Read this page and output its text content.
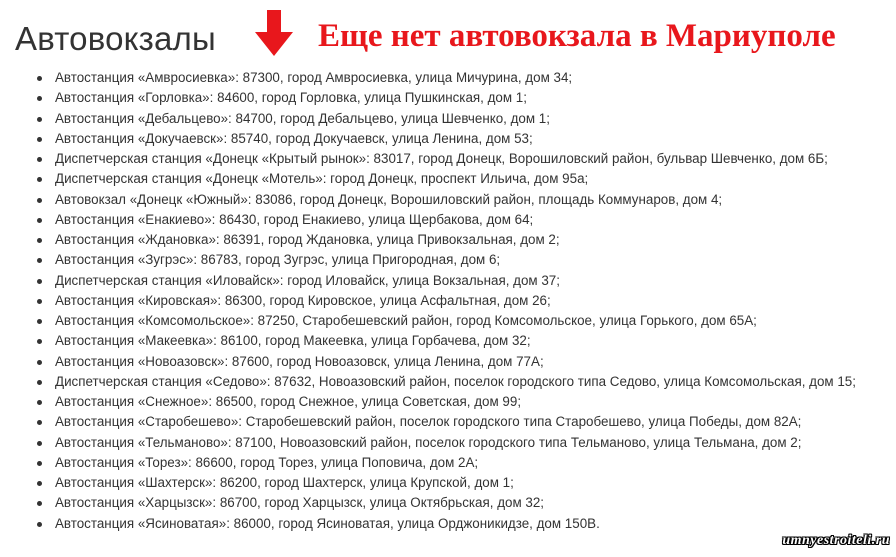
Автовокзалы	Еще нет автовокзала в Мариуполе
Автостанция «Амвросиевка»: 87300, город Амвросиевка, улица Мичурина, дом 34;
Автостанция «Горловка»: 84600, город Горловка, улица Пушкинская, дом 1;
Автостанция «Дебальцево»: 84700, город Дебальцево, улица Шевченко, дом 1;
Автостанция «Докучаевск»: 85740, город Докучаевск, улица Ленина, дом 53;
Диспетчерская станция «Донецк «Крытый рынок»: 83017, город Донецк, Ворошиловский район, бульвар Шевченко, дом 6Б;
Диспетчерская станция «Донецк «Мотель»: город Донецк, проспект Ильича, дом 95а;
Автовокзал «Донецк «Южный»: 83086, город Донецк, Ворошиловский район, площадь Коммунаров, дом 4;
Автостанция «Енакиево»: 86430, город Енакиево, улица Щербакова, дом 64;
Автостанция «Ждановка»: 86391, город Ждановка, улица Привокзальная, дом 2;
Автостанция «Зугрэс»: 86783, город Зугрэс, улица Пригородная, дом 6;
Диспетчерская станция «Иловайск»: город Иловайск, улица Вокзальная, дом 37;
Автостанция «Кировская»: 86300, город Кировское, улица Асфальтная, дом 26;
Автостанция «Комсомольское»: 87250, Старобешевский район, город Комсомольское, улица Горького, дом 65А;
Автостанция «Макеевка»: 86100, город Макеевка, улица Горбачева, дом 32;
Автостанция «Новоазовск»: 87600, город Новоазовск, улица Ленина, дом 77А;
Диспетчерская станция «Седово»: 87632, Новоазовский район, поселок городского типа Седово, улица Комсомольская, дом 15;
Автостанция «Снежное»: 86500, город Снежное, улица Советская, дом 99;
Автостанция «Старобешево»: Старобешевский район, поселок городского типа Старобешево, улица Победы, дом 82А;
Автостанция «Тельманово»: 87100, Новоазовский район, поселок городского типа Тельманово, улица Тельмана, дом 2;
Автостанция «Торез»: 86600, город Торез, улица Поповича, дом 2А;
Автостанция «Шахтерск»: 86200, город Шахтерск, улица Крупской, дом 1;
Автостанция «Харцызск»: 86700, город Харцызск, улица Октябрьская, дом 32;
Автостанция «Ясиноватая»: 86000, город Ясиноватая, улица Орджоникидзе, дом 150В.
umnyestroiteli.ru
